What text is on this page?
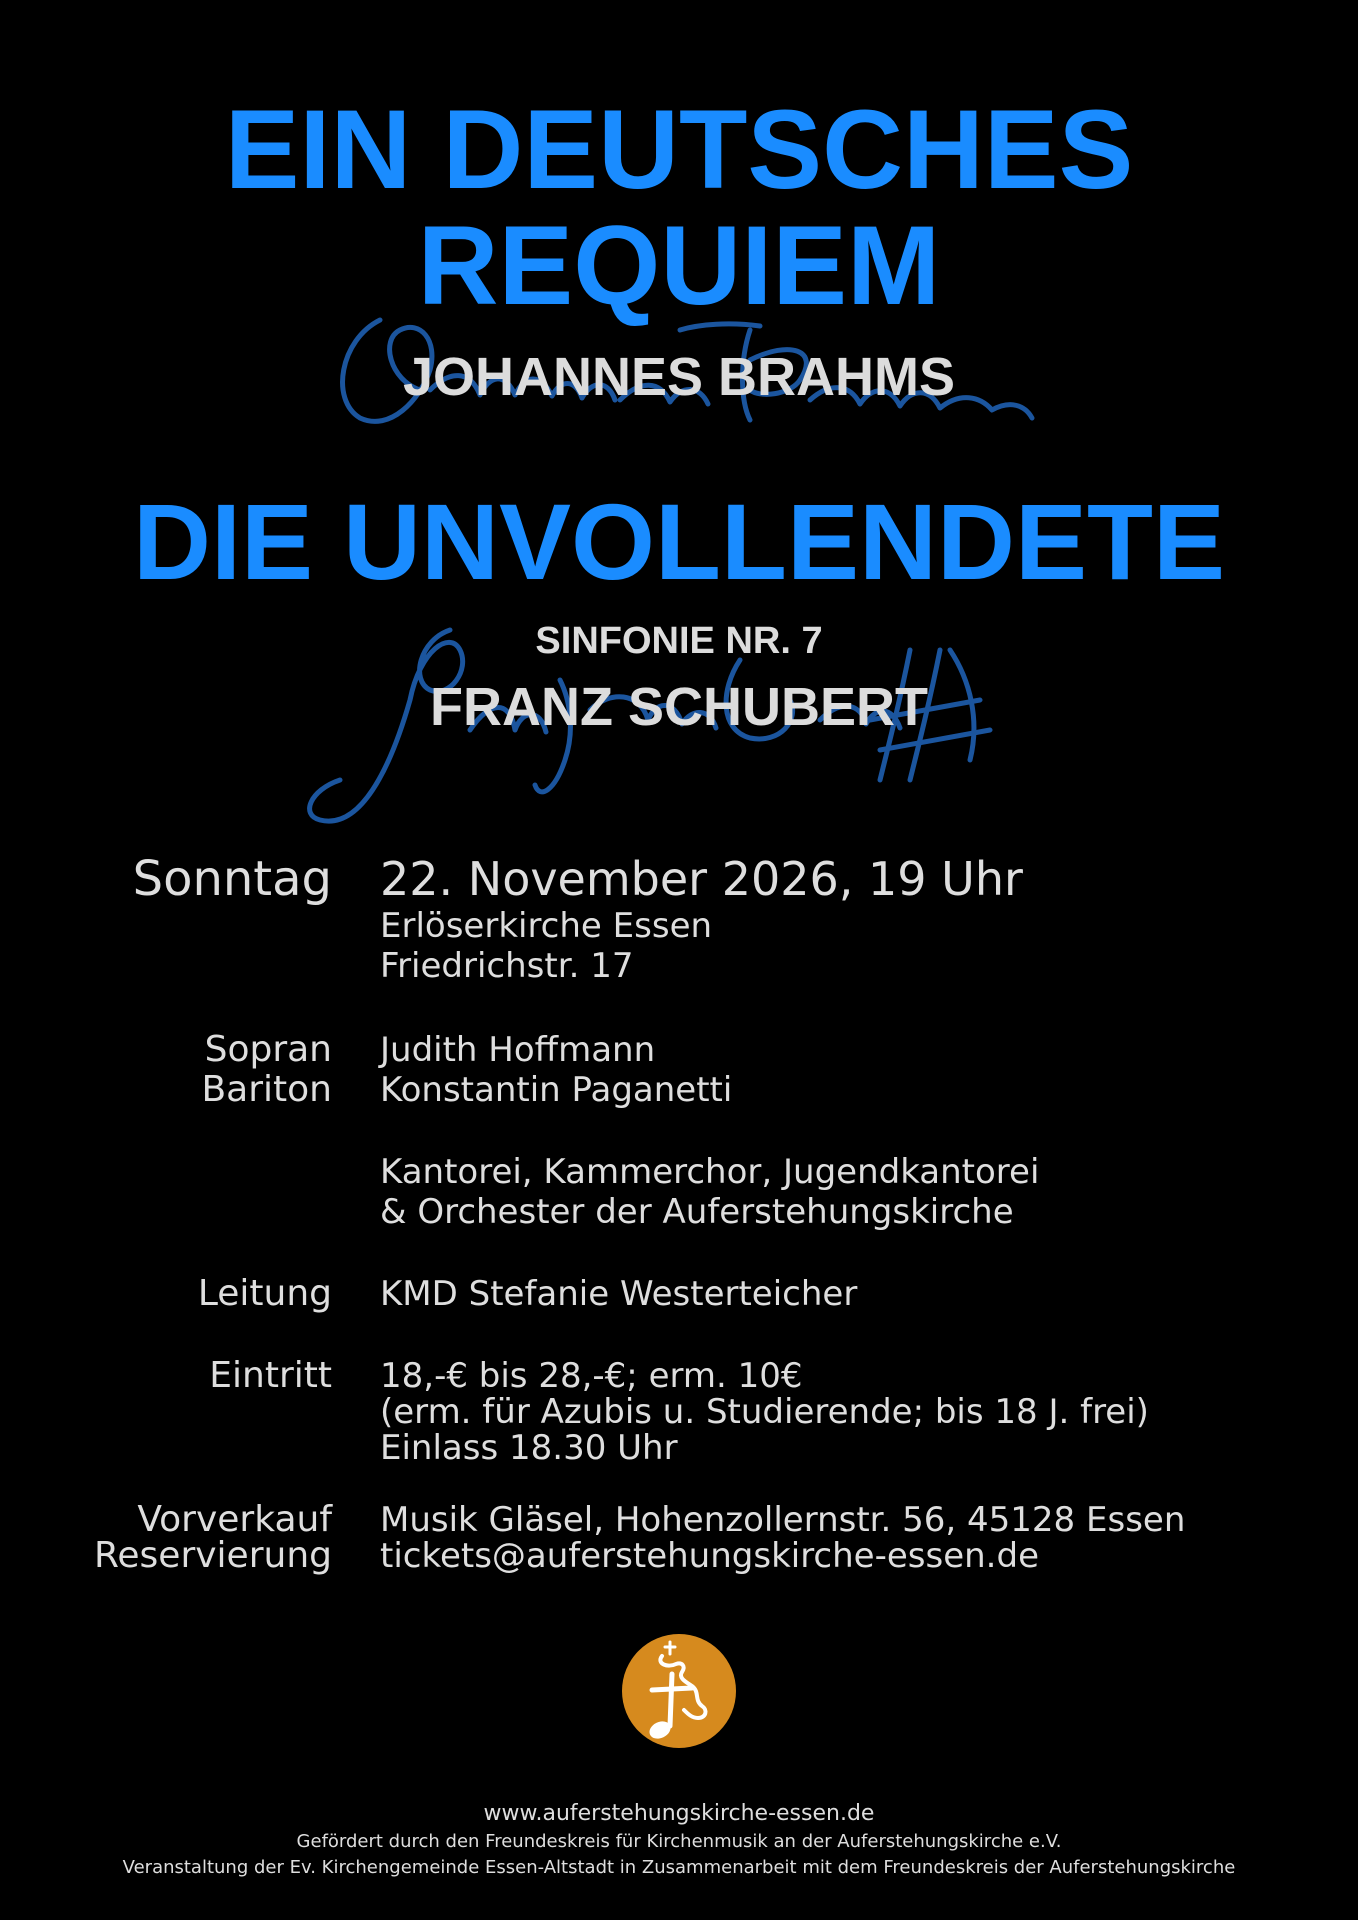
EIN DEUTSCHES
REQUIEM
JOHANNES BRAHMS
DIE UNVOLLENDETE
SINFONIE NR. 7
FRANZ SCHUBERT
Sonntag 22. November 2026, 19 Uhr
Erlöserkirche Essen
Friedrichstr. 17
Sopran Judith Hoffmann
Bariton Konstantin Paganetti
Kantorei, Kammerchor, Jugendkantorei
& Orchester der Auferstehungskirche
Leitung KMD Stefanie Westerteicher
Eintritt 18,-€ bis 28,-€; erm. 10€
(erm. für Azubis u. Studierende; bis 18 J. frei)
Einlass 18.30 Uhr
Vorverkauf Musik Gläsel, Hohenzollernstr. 56, 45128 Essen
Reservierung tickets@auferstehungskirche-essen.de
www.auferstehungskirche-essen.de
Gefördert durch den Freundeskreis für Kirchenmusik an der Auferstehungskirche e.V.
Veranstaltung der Ev. Kirchengemeinde Essen-Altstadt in Zusammenarbeit mit dem Freundeskreis der Auferstehungskirche
